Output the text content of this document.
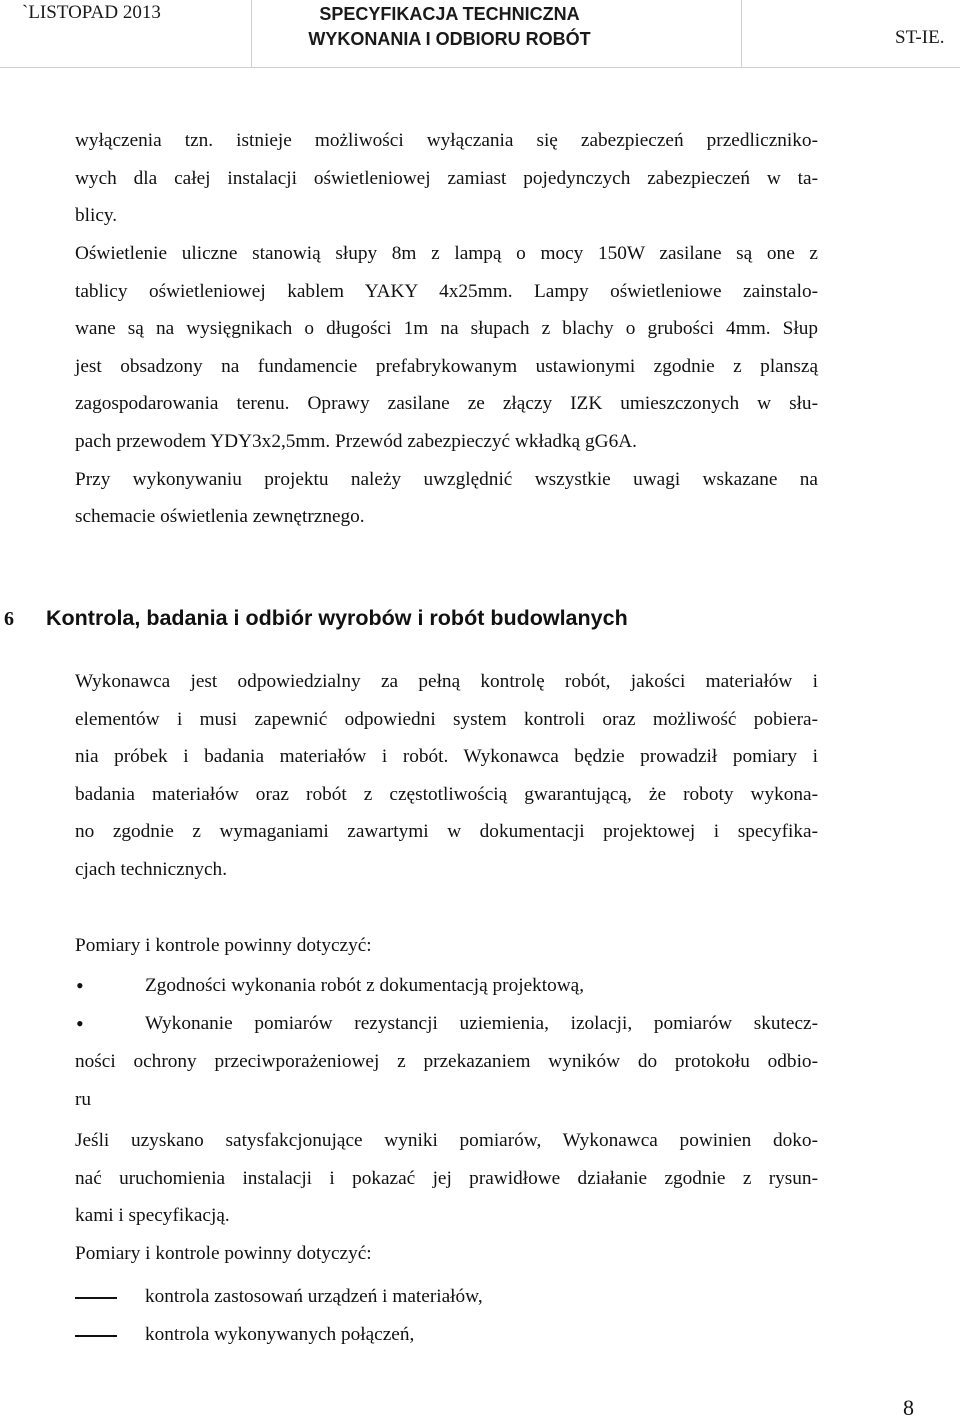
`LISTOPAD 2013	SPECYFIKACJA TECHNICZNA
WYKONANIA I ODBIORU ROBÓT	ST-IE.
wyłączenia tzn. istnieje możliwości wyłączania się zabezpieczeń przedliczniko-
wych dla całej instalacji oświetleniowej zamiast pojedynczych zabezpieczeń w ta-
blicy.
Oświetlenie uliczne stanowią słupy 8m z lampą o mocy 150W zasilane są one z
tablicy oświetleniowej kablem YAKY 4x25mm. Lampy oświetleniowe zainstalo-
wane są na wysięgnikach o długości 1m na słupach z blachy o grubości 4mm. Słup
jest obsadzony na fundamencie prefabrykowanym ustawionymi zgodnie z planszą
zagospodarowania terenu. Oprawy zasilane ze złączy IZK umieszczonych w słu-
pach przewodem YDY3x2,5mm. Przewód zabezpieczyć wkładką gG6A.
Przy wykonywaniu projektu należy uwzględnić wszystkie uwagi wskazane na
schemacie oświetlenia zewnętrznego.
6 Kontrola, badania i odbiór wyrobów i robót budowlanych
Wykonawca jest odpowiedzialny za pełną kontrolę robót, jakości materiałów i
elementów i musi zapewnić odpowiedni system kontroli oraz możliwość pobiera-
nia próbek i badania materiałów i robót. Wykonawca będzie prowadził pomiary i
badania materiałów oraz robót z częstotliwością gwarantującą, że roboty wykona-
no zgodnie z wymaganiami zawartymi w dokumentacji projektowej i specyfika-
cjach technicznych.
Pomiary i kontrole powinny dotyczyć:
•	Zgodności wykonania robót z dokumentacją projektową,
•	Wykonanie pomiarów rezystancji uziemienia, izolacji, pomiarów skutecz-
ności ochrony przeciwporażeniowej z przekazaniem wyników do protokołu odbio-
ru
Jeśli uzyskano satysfakcjonujące wyniki pomiarów, Wykonawca powinien doko-
nać uruchomienia instalacji i pokazać jej prawidłowe działanie zgodnie z rysun-
kami i specyfikacją.
Pomiary i kontrole powinny dotyczyć:
kontrola zastosowań urządzeń i materiałów,
kontrola wykonywanych połączeń,
8
